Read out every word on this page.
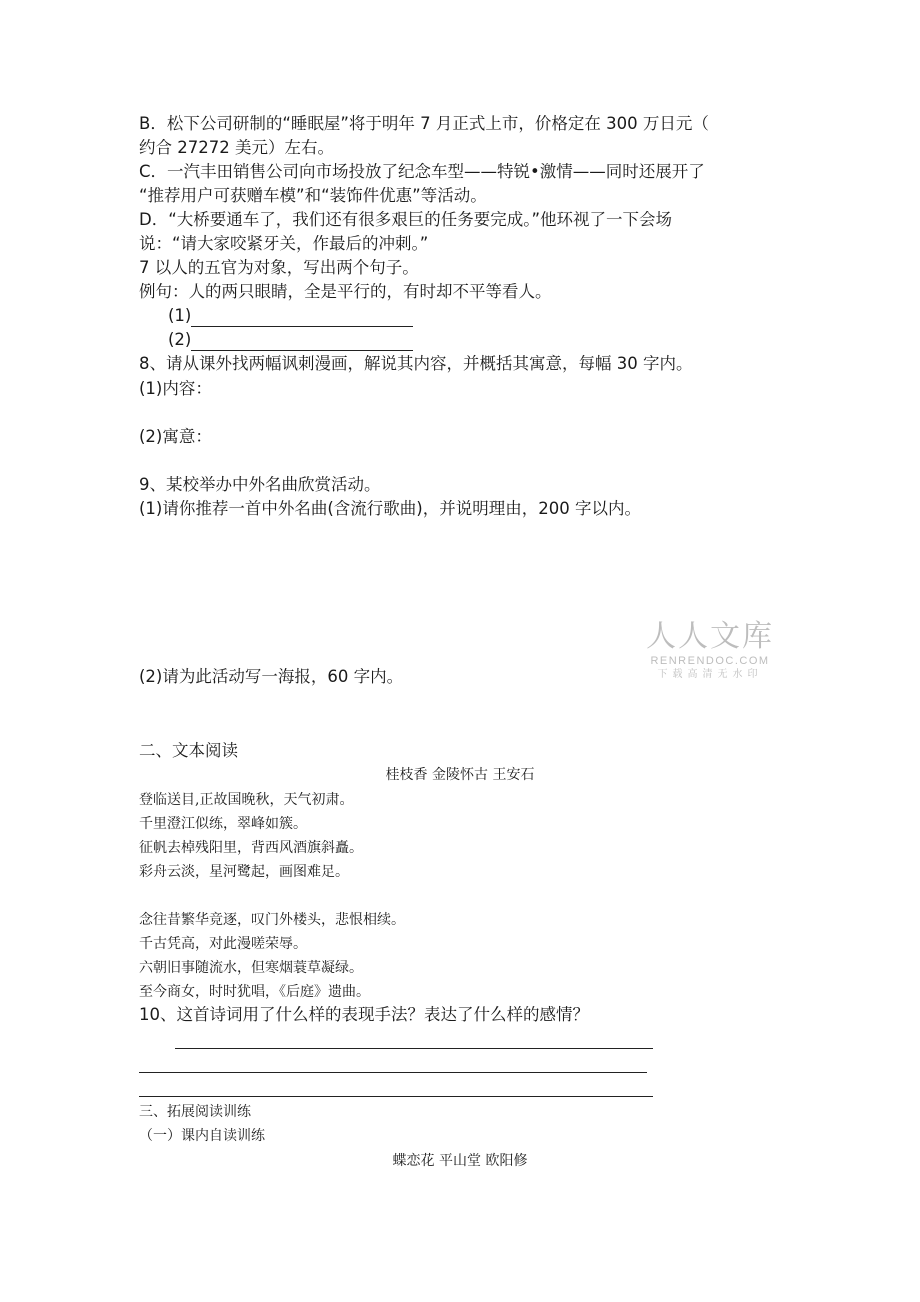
B．松下公司研制的“睡眠屋”将于明年 7 月正式上市，价格定在 300 万日元（
约合 27272 美元）左右。
C．一汽丰田销售公司向市场投放了纪念车型——特锐•激情——同时还展开了
“推荐用户可获赠车模”和“装饰件优惠”等活动。
D．“大桥要通车了，我们还有很多艰巨的任务要完成。”他环视了一下会场
说：“请大家咬紧牙关，作最后的冲刺。”
7 以人的五官为对象，写出两个句子。
例句：人的两只眼睛，全是平行的，有时却不平等看人。
(1)
(2)
8、请从课外找两幅讽刺漫画，解说其内容，并概括其寓意，每幅 30 字内。
(1)内容：
(2)寓意：
9、某校举办中外名曲欣赏活动。
(1)请你推荐一首中外名曲(含流行歌曲)，并说明理由，200 字以内。
人人文库
RENRENDOC.COM
下载高清无水印
(2)请为此活动写一海报，60 字内。
二、文本阅读
桂枝香 金陵怀古 王安石
登临送目,正故国晚秋，天气初肃。
千里澄江似练，翠峰如簇。
征帆去棹残阳里，背西风酒旗斜矗。
彩舟云淡，星河鹭起，画图难足。
念往昔繁华竞逐，叹门外楼头，悲恨相续。
千古凭高，对此漫嗟荣辱。
六朝旧事随流水，但寒烟蓑草凝绿。
至今商女，时时犹唱，《后庭》遗曲。
10、这首诗词用了什么样的表现手法？表达了什么样的感情？
三、拓展阅读训练
（一）课内自读训练
蝶恋花 平山堂 欧阳修
